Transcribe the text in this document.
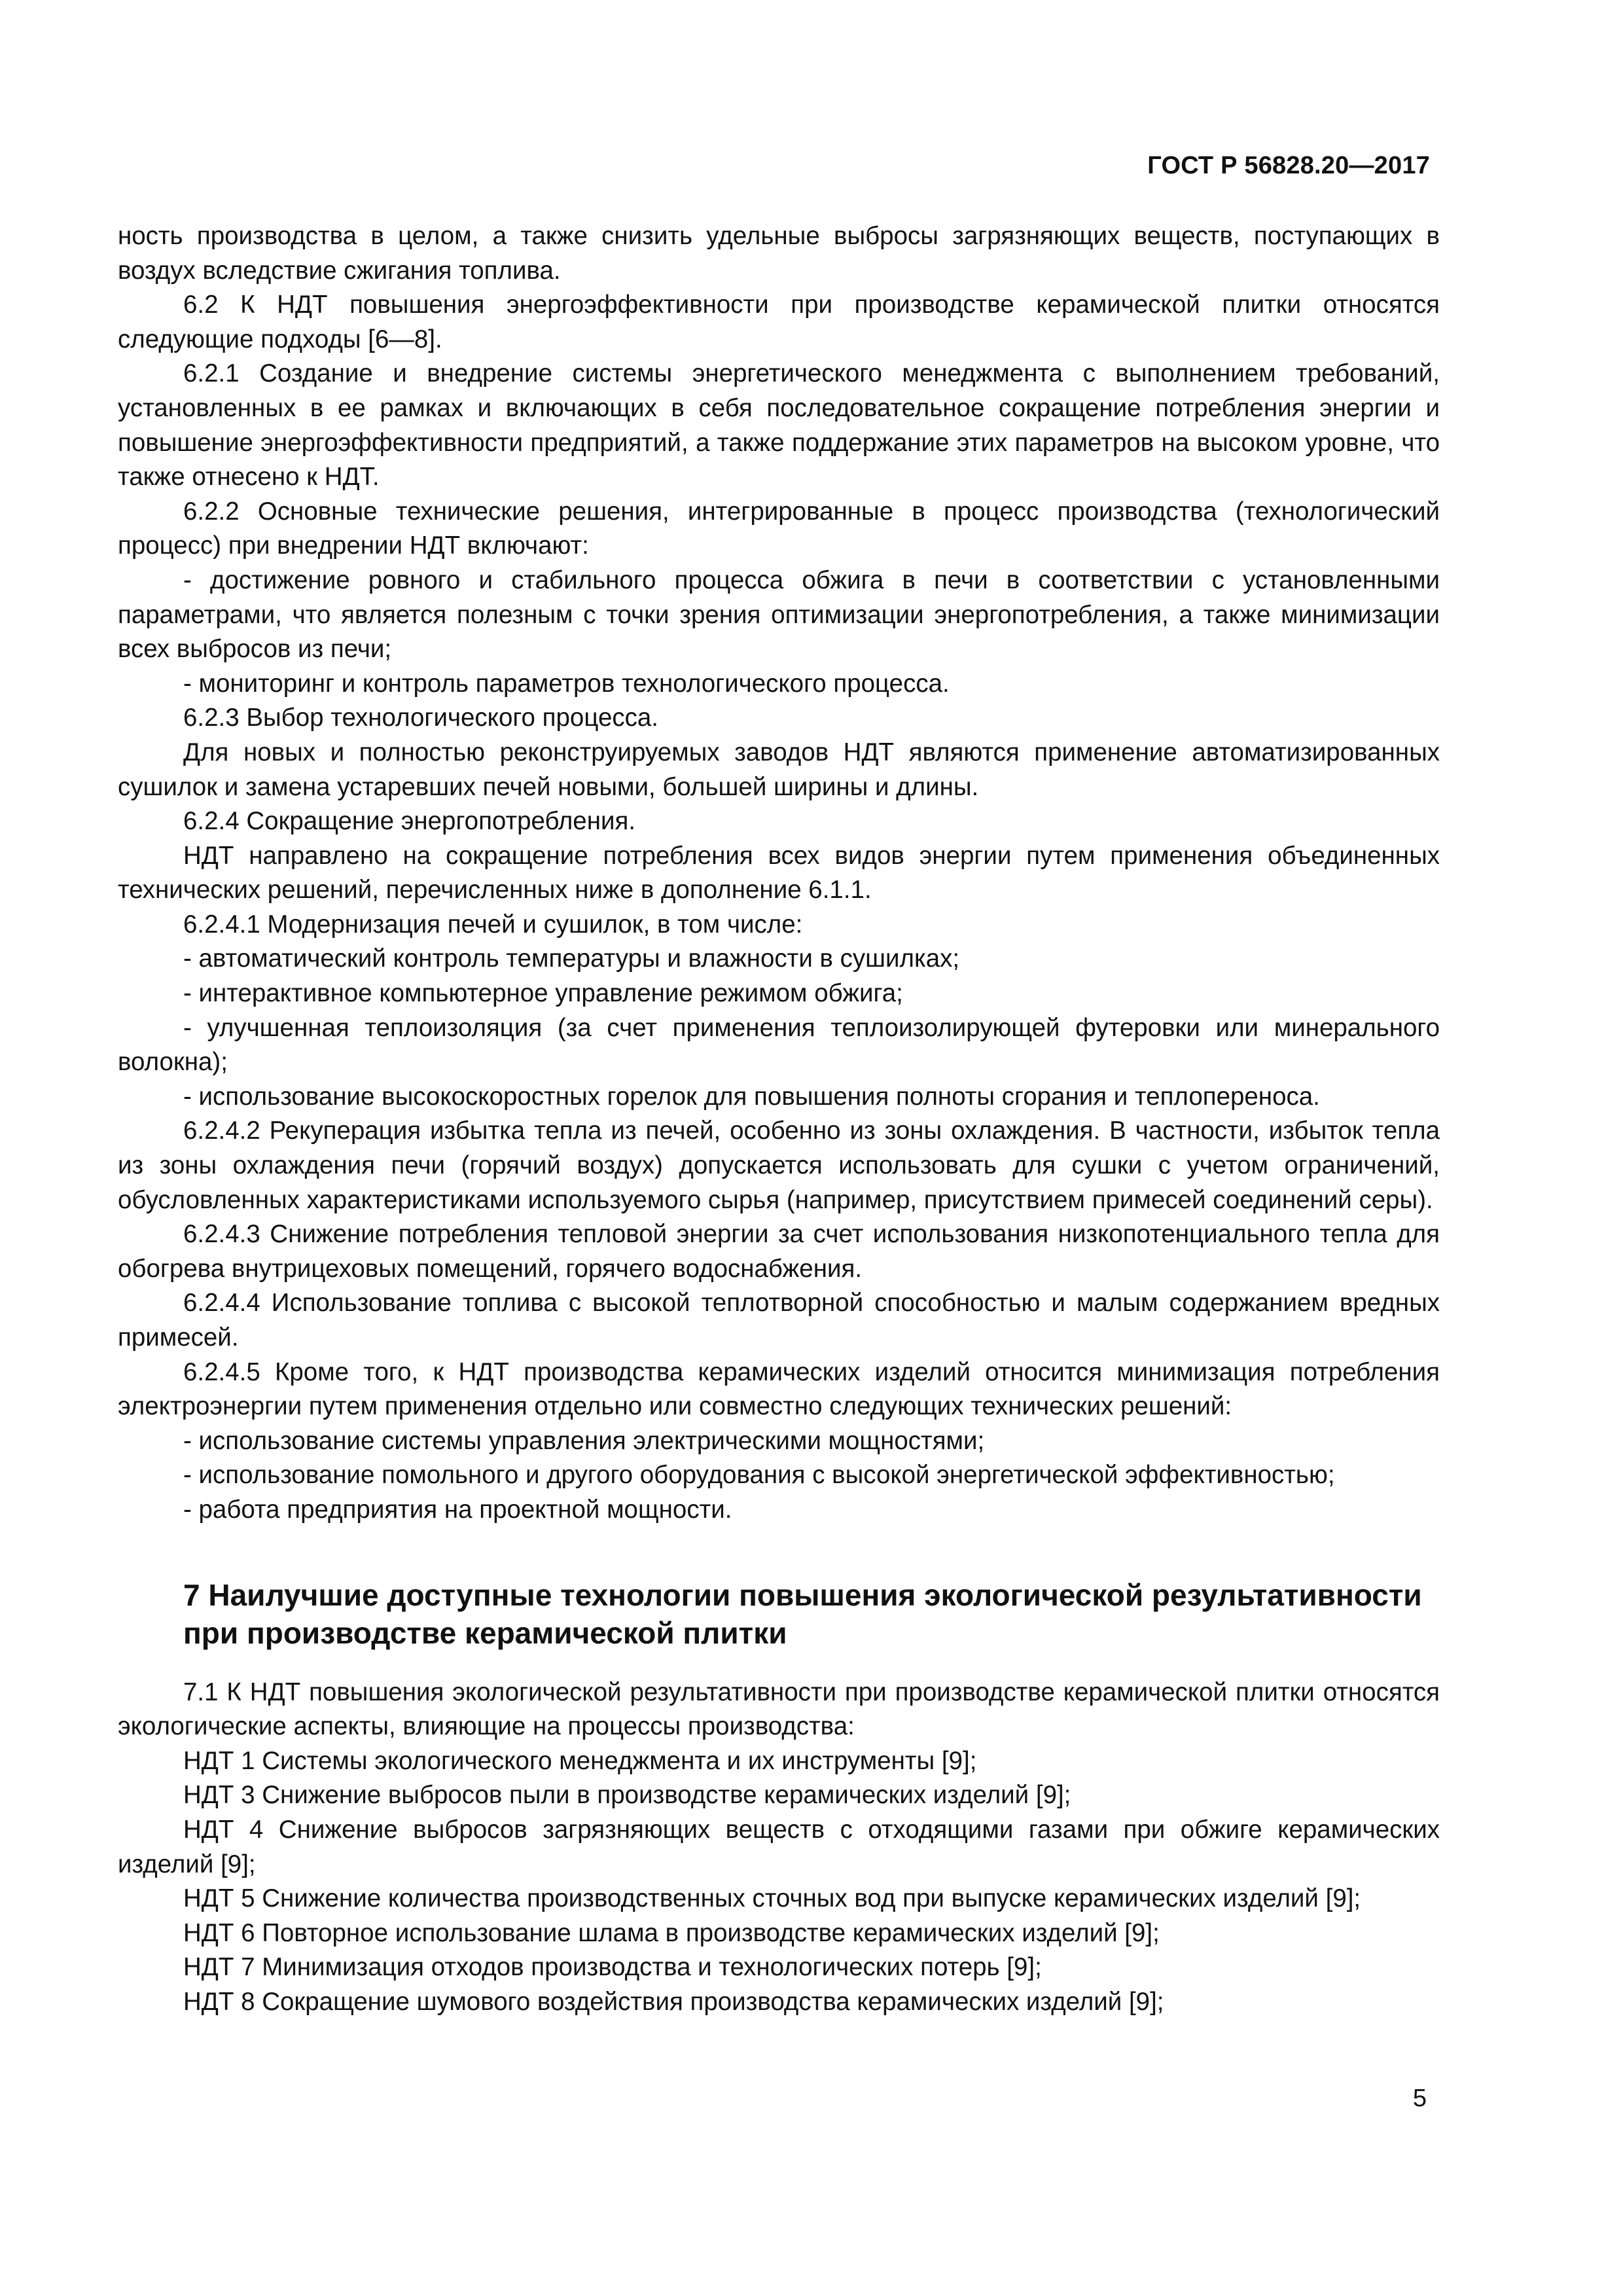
ГОСТ Р 56828.20—2017

ность производства в целом, а также снизить удельные выбросы загрязняющих веществ, поступающих в воздух вследствие сжигания топлива.

6.2 К НДТ повышения энергоэффективности при производстве керамической плитки относятся следующие подходы [6—8].

6.2.1 Создание и внедрение системы энергетического менеджмента с выполнением требований, установленных в ее рамках и включающих в себя последовательное сокращение потребления энергии и повышение энергоэффективности предприятий, а также поддержание этих параметров на высоком уровне, что также отнесено к НДТ.

6.2.2 Основные технические решения, интегрированные в процесс производства (технологический процесс) при внедрении НДТ включают:

- достижение ровного и стабильного процесса обжига в печи в соответствии с установленными параметрами, что является полезным с точки зрения оптимизации энергопотребления, а также минимизации всех выбросов из печи;

- мониторинг и контроль параметров технологического процесса.

6.2.3 Выбор технологического процесса.

Для новых и полностью реконструируемых заводов НДТ являются применение автоматизированных сушилок и замена устаревших печей новыми, большей ширины и длины.

6.2.4 Сокращение энергопотребления.

НДТ направлено на сокращение потребления всех видов энергии путем применения объединенных технических решений, перечисленных ниже в дополнение 6.1.1.

6.2.4.1 Модернизация печей и сушилок, в том числе:

- автоматический контроль температуры и влажности в сушилках;

- интерактивное компьютерное управление режимом обжига;

- улучшенная теплоизоляция (за счет применения теплоизолирующей футеровки или минерального волокна);

- использование высокоскоростных горелок для повышения полноты сгорания и теплопереноса.

6.2.4.2 Рекуперация избытка тепла из печей, особенно из зоны охлаждения. В частности, избыток тепла из зоны охлаждения печи (горячий воздух) допускается использовать для сушки с учетом ограничений, обусловленных характеристиками используемого сырья (например, присутствием примесей соединений серы).

6.2.4.3 Снижение потребления тепловой энергии за счет использования низкопотенциального тепла для обогрева внутрицеховых помещений, горячего водоснабжения.

6.2.4.4 Использование топлива с высокой теплотворной способностью и малым содержанием вредных примесей.

6.2.4.5 Кроме того, к НДТ производства керамических изделий относится минимизация потребления электроэнергии путем применения отдельно или совместно следующих технических решений:

- использование системы управления электрическими мощностями;

- использование помольного и другого оборудования с высокой энергетической эффективностью;

- работа предприятия на проектной мощности.

7 Наилучшие доступные технологии повышения экологической результативности при производстве керамической плитки

7.1 К НДТ повышения экологической результативности при производстве керамической плитки относятся экологические аспекты, влияющие на процессы производства:

НДТ 1 Системы экологического менеджмента и их инструменты [9];

НДТ 3 Снижение выбросов пыли в производстве керамических изделий [9];

НДТ 4 Снижение выбросов загрязняющих веществ с отходящими газами при обжиге керамических изделий [9];

НДТ 5 Снижение количества производственных сточных вод при выпуске керамических изделий [9];

НДТ 6 Повторное использование шлама в производстве керамических изделий [9];

НДТ 7 Минимизация отходов производства и технологических потерь [9];

НДТ 8 Сокращение шумового воздействия производства керамических изделий [9];

5
